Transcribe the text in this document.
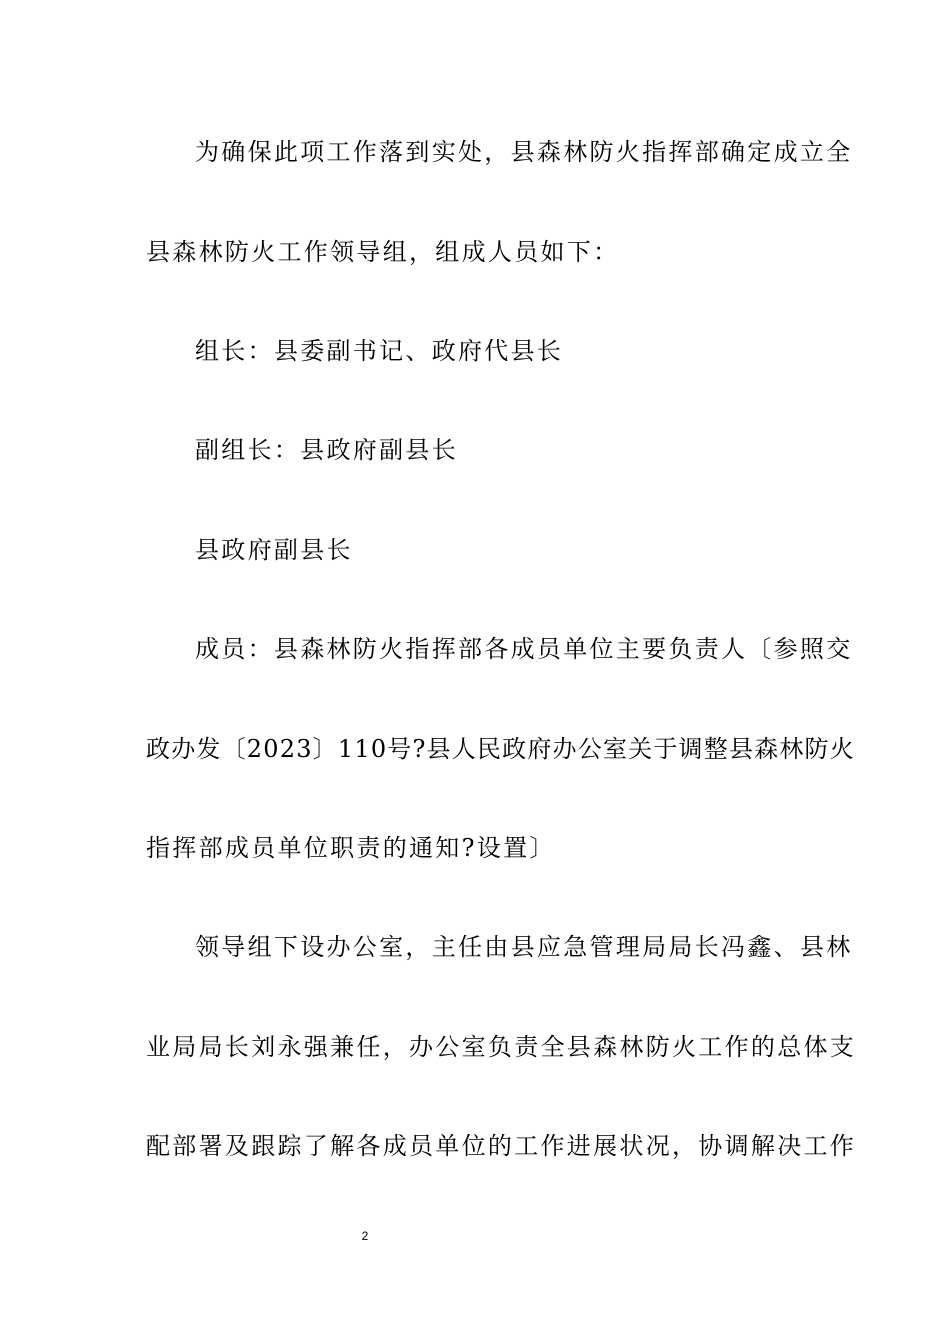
为确保此项工作落到实处，县森林防火指挥部确定成立全
县森林防火工作领导组，组成人员如下：
组长：县委副书记、政府代县长
副组长：县政府副县长
县政府副县长
成员：县森林防火指挥部各成员单位主要负责人〔参照交
政办发〔2023〕110号?县人民政府办公室关于调整县森林防火
指挥部成员单位职责的通知?设置〕
领导组下设办公室，主任由县应急管理局局长冯鑫、县林
业局局长刘永强兼任，办公室负责全县森林防火工作的总体支
配部署及跟踪了解各成员单位的工作进展状况，协调解决工作
2
